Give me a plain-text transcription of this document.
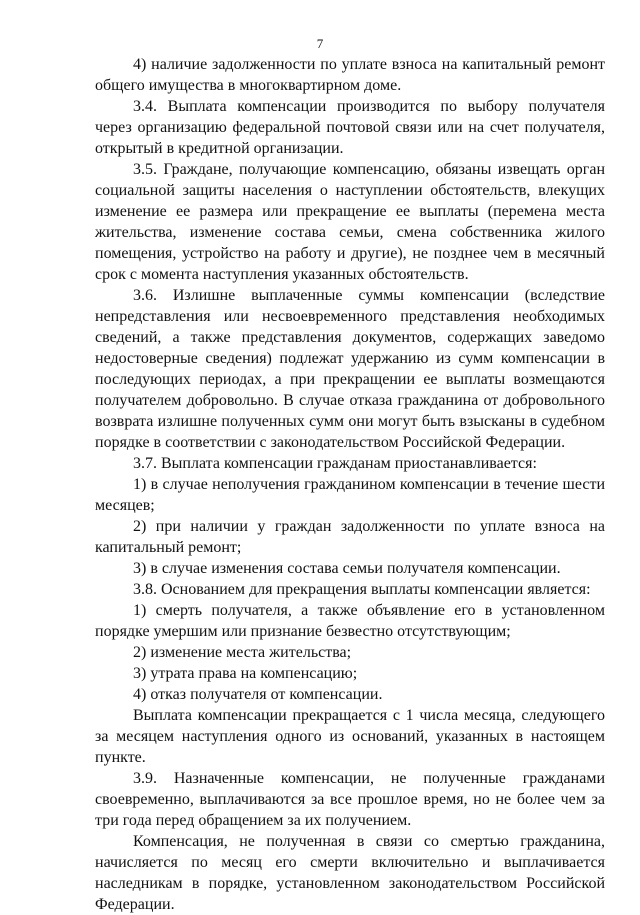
7

4) наличие задолженности по уплате взноса на капитальный ремонт общего имущества в многоквартирном доме.

3.4. Выплата компенсации производится по выбору получателя через организацию федеральной почтовой связи или на счет получателя, открытый в кредитной организации.

3.5. Граждане, получающие компенсацию, обязаны извещать орган социальной защиты населения о наступлении обстоятельств, влекущих изменение ее размера или прекращение ее выплаты (перемена места жительства, изменение состава семьи, смена собственника жилого помещения, устройство на работу и другие), не позднее чем в месячный срок с момента наступления указанных обстоятельств.

3.6. Излишне выплаченные суммы компенсации (вследствие непредставления или несвоевременного представления необходимых сведений, а также представления документов, содержащих заведомо недостоверные сведения) подлежат удержанию из сумм компенсации в последующих периодах, а при прекращении ее выплаты возмещаются получателем добровольно. В случае отказа гражданина от добровольного возврата излишне полученных сумм они могут быть взысканы в судебном порядке в соответствии с законодательством Российской Федерации.

3.7. Выплата компенсации гражданам приостанавливается:

1) в случае неполучения гражданином компенсации в течение шести месяцев;

2) при наличии у граждан задолженности по уплате взноса на капитальный ремонт;

3) в случае изменения состава семьи получателя компенсации.

3.8. Основанием для прекращения выплаты компенсации является:

1) смерть получателя, а также объявление его в установленном порядке умершим или признание безвестно отсутствующим;

2) изменение места жительства;

3) утрата права на компенсацию;

4) отказ получателя от компенсации.

Выплата компенсации прекращается с 1 числа месяца, следующего за месяцем наступления одного из оснований, указанных в настоящем пункте.

3.9. Назначенные компенсации, не полученные гражданами своевременно, выплачиваются за все прошлое время, но не более чем за три года перед обращением за их получением.

Компенсация, не полученная в связи со смертью гражданина, начисляется по месяц его смерти включительно и выплачивается наследникам в порядке, установленном законодательством Российской Федерации.
